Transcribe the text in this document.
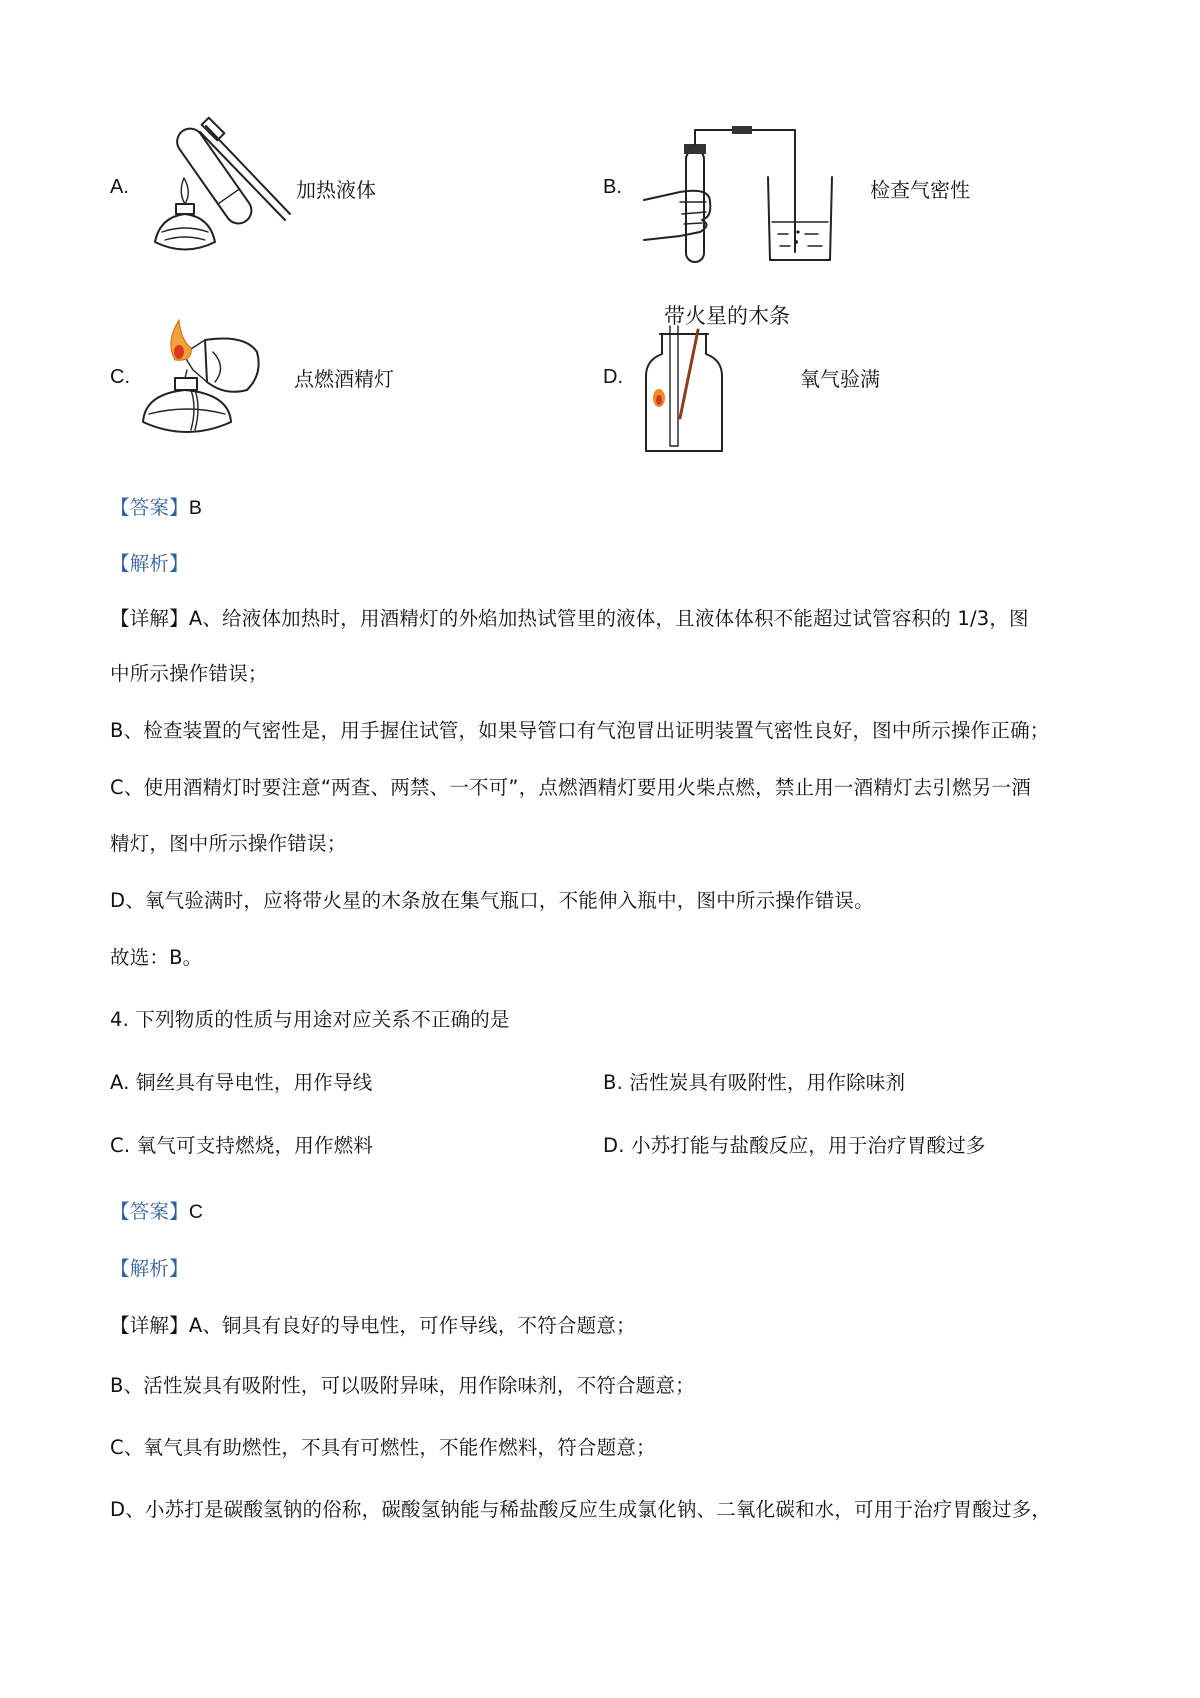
A.	加热液体	B.	检查气密性
C.	点燃酒精灯	D.
带火星的木条
氧气验满
【答案】B
【解析】
【详解】A、给液体加热时，用酒精灯的外焰加热试管里的液体，且液体体积不能超过试管容积的 1/3，图
中所示操作错误；
B、检查装置的气密性是，用手握住试管，如果导管口有气泡冒出证明装置气密性良好，图中所示操作正确；
C、使用酒精灯时要注意“两查、两禁、一不可”，点燃酒精灯要用火柴点燃，禁止用一酒精灯去引燃另一酒
精灯，图中所示操作错误；
D、氧气验满时，应将带火星的木条放在集气瓶口，不能伸入瓶中，图中所示操作错误。
故选：B。
4. 下列物质的性质与用途对应关系不正确的是
A. 铜丝具有导电性，用作导线	B. 活性炭具有吸附性，用作除味剂
C. 氧气可支持燃烧，用作燃料	D. 小苏打能与盐酸反应，用于治疗胃酸过多
【答案】C
【解析】
【详解】A、铜具有良好的导电性，可作导线，不符合题意；
B、活性炭具有吸附性，可以吸附异味，用作除味剂，不符合题意；
C、氧气具有助燃性，不具有可燃性，不能作燃料，符合题意；
D、小苏打是碳酸氢钠的俗称，碳酸氢钠能与稀盐酸反应生成氯化钠、二氧化碳和水，可用于治疗胃酸过多，
